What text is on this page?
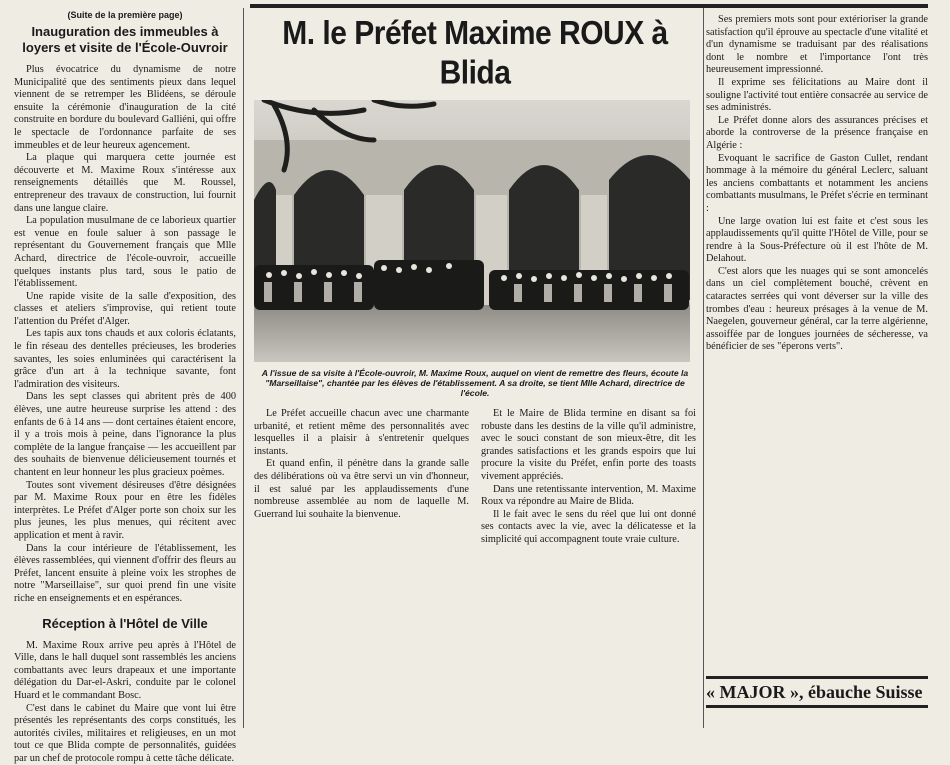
(Suite de la première page)
Inauguration des immeubles à loyers et visite de l'École-Ouvroir

Plus évocatrice du dynamisme de notre Municipalité que des sentiments pieux dans lequel viennent de se retremper les Blidéens, se déroule ensuite la cérémonie d'inauguration de la cité construite en bordure du boulevard Galliéni, qui offre le spectacle de l'ordonnance parfaite de ses immeubles et de leur heureux agencement.

La plaque qui marquera cette journée est découverte et M. Maxime Roux s'intéresse aux renseignements détaillés que M. Roussel, entrepreneur des travaux de construction, lui fournit dans une langue claire.

La population musulmane de ce laborieux quartier est venue en foule saluer à son passage le représentant du Gouvernement français que Mlle Achard, directrice de l'école-ouvroir, accueille quelques instants plus tard, sous le patio de l'établissement.

Une rapide visite de la salle d'exposition, des classes et ateliers s'improvise, qui retient toute l'attention du Préfet d'Alger.

Les tapis aux tons chauds et aux coloris éclatants, le fin réseau des dentelles précieuses, les broderies savantes, les soies enluminées qui caractérisent la grâce d'un art à la technique savante, font l'admiration des visiteurs.

Dans les sept classes qui abritent près de 400 élèves, une autre heureuse surprise les attend : des enfants de 6 à 14 ans — dont certaines étaient encore, il y a trois mois à peine, dans l'ignorance la plus complète de la langue française — les accueillent par des souhaits de bienvenue délicieusement tournés et chantent en leur honneur les plus gracieux poèmes.

Toutes sont vivement désireuses d'être désignées par M. Maxime Roux pour en être les fidèles interprètes. Le Préfet d'Alger porte son choix sur les plus jeunes, les plus menues, qui récitent avec application et ment à ravir.

Dans la cour intérieure de l'établissement, les élèves rassemblées, qui viennent d'offrir des fleurs au Préfet, lancent ensuite à pleine voix les strophes de notre "Marseillaise", sur quoi prend fin une visite riche en enseignements et en espérances.

Réception à l'Hôtel de Ville

M. Maxime Roux arrive peu après à l'Hôtel de Ville, dans le hall duquel sont rassemblés les anciens combattants avec leurs drapeaux et une importante délégation du Dar-el-Askri, conduite par le colonel Huard et le commandant Bosc.

C'est dans le cabinet du Maire que vont lui être présentés les représentants des corps constitués, les autorités civiles, militaires et religieuses, en un mot tout ce que Blida compte de personnalités, guidées par un chef de protocole rompu à cette tâche délicate.

M. le Préfet Maxime ROUX à Blida
A l'issue de sa visite à l'École-ouvroir, M. Maxime Roux, auquel on vient de remettre des fleurs, écoute la "Marseillaise", chantée par les élèves de l'établissement. A sa droite, se tient Mlle Achard, directrice de l'école.

Le Préfet accueille chacun avec une charmante urbanité, et retient même des personnalités avec lesquelles il a plaisir à s'entretenir quelques instants.

Et quand enfin, il pénètre dans la grande salle des délibérations où va être servi un vin d'honneur, il est salué par les applaudissements d'une nombreuse assemblée au nom de laquelle M. Guerrand lui souhaite la bienvenue.

Et le Maire de Blida termine en disant sa foi robuste dans les destins de la ville qu'il administre, avec le souci constant de son mieux-être, dit les grandes satisfactions et les grands espoirs que lui procure la visite du Préfet, enfin porte des toasts vivement appréciés.

Dans une retentissante intervention, M. Maxime Roux va répondre au Maire de Blida.

Il le fait avec le sens du réel que lui ont donné ses contacts avec la vie, avec la délicatesse et la simplicité qui accompagnent toute vraie culture.

Ses premiers mots sont pour extérioriser la grande satisfaction qu'il éprouve au spectacle d'une vitalité et d'un dynamisme se traduisant par des réalisations dont le nombre et l'importance l'ont très heureusement impressionné.

Il exprime ses félicitations au Maire dont il souligne l'activité tout entière consacrée au service de ses administrés.

Le Préfet donne alors des assurances précises et aborde la controverse de la présence française en Algérie :

Evoquant le sacrifice de Gaston Cullet, rendant hommage à la mémoire du général Leclerc, saluant les anciens combattants et notamment les anciens combattants musulmans, le Préfet s'écrie en terminant :

Une large ovation lui est faite et c'est sous les applaudissements qu'il quitte l'Hôtel de Ville, pour se rendre à la Sous-Préfecture où il est l'hôte de M. Delahout.

C'est alors que les nuages qui se sont amoncelés dans un ciel complètement bouché, crèvent en cataractes serrées qui vont déverser sur la ville des trombes d'eau : heureux présages à la venue de M. Naegelen, gouverneur général, car la terre algérienne, assoiffée par de longues journées de sécheresse, va bénéficier de ses "éperons verts".

« MAJOR », ébauche Suisse
